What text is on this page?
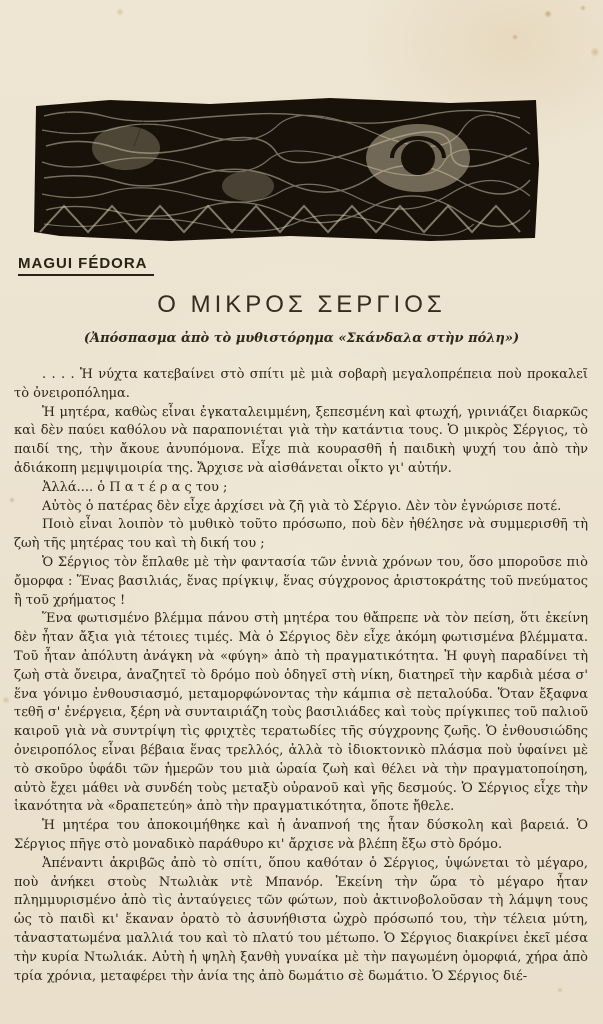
MAGUI FÉDORA
Ο ΜΙΚΡΟΣ ΣΕΡΓΙΟΣ
(Ἀπόσπασμα ἀπὸ τὸ μυθιστόρημα «Σκάνδαλα στὴν πόλη»)

. . . . Ἡ νύχτα κατεβαίνει στὸ σπίτι μὲ μιὰ σοβαρὴ μεγαλοπρέπεια ποὺ προκαλεῖ τὸ ὀνειροπόλημα.

Ἡ μητέρα, καθὼς εἶναι ἐγκαταλειμμένη, ξεπεσμένη καὶ φτωχή, γρινιάζει διαρκῶς καὶ δὲν παύει καθόλου νὰ παραπονιέται γιὰ τὴν κατάντια τους. Ὁ μικρὸς Σέργιος, τὸ παιδί της, τὴν ἄκουε ἀνυπόμονα. Εἶχε πιὰ κουρασθῆ ἡ παιδικὴ ψυχή του ἀπὸ τὴν ἀδιάκοπη μεμψιμοιρία της. Ἄρχισε νὰ αἰσθάνεται οἶκτο γι' αὐτήν.

Ἀλλά.... ὁ Π α τ έ ρ α ς του ;

Αὐτὸς ὁ πατέρας δὲν εἶχε ἀρχίσει νὰ ζῆ γιὰ τὸ Σέργιο. Δὲν τὸν ἐγνώρισε ποτέ.

Ποιὸ εἶναι λοιπὸν τὸ μυθικὸ τοῦτο πρόσωπο, ποὺ δὲν ἠθέλησε νὰ συμμερισθῆ τὴ ζωὴ τῆς μητέρας του καὶ τὴ δική του ;

Ὁ Σέργιος τὸν ἔπλαθε μὲ τὴν φαντασία τῶν ἐννιὰ χρόνων του, ὅσο μποροῦσε πιὸ ὄμορφα : Ἕνας βασιλιάς, ἕνας πρίγκιψ, ἕνας σύγχρονος ἀριστοκράτης τοῦ πνεύματος ἢ τοῦ χρήματος !

Ἕνα φωτισμένο βλέμμα πάνου στὴ μητέρα του θἄπρεπε νὰ τὸν πείση, ὅτι ἐκείνη δὲν ἦταν ἄξια γιὰ τέτοιες τιμές. Μὰ ὁ Σέργιος δὲν εἶχε ἀκόμη φωτισμένα βλέμματα. Τοῦ ἦταν ἀπόλυτη ἀνάγκη νὰ «φύγη» ἀπὸ τὴ πραγματικότητα. Ἡ φυγὴ παραδίνει τὴ ζωὴ στὰ ὄνειρα, ἀναζητεῖ τὸ δρόμο ποὺ ὁδηγεῖ στὴ νίκη, διατηρεῖ τὴν καρδιὰ μέσα σ' ἕνα γόνιμο ἐνθουσιασμό, μεταμορφώνοντας τὴν κάμπια σὲ πεταλούδα. Ὅταν ἔξαφνα τεθῆ σ' ἐνέργεια, ξέρη νὰ συνταιριάζη τοὺς βασιλιάδες καὶ τοὺς πρίγκιπες τοῦ παλιοῦ καιροῦ γιὰ νὰ συντρίψη τὶς φριχτὲς τερατωδίες τῆς σύγχρονης ζωῆς. Ὁ ἐνθουσιώδης ὀνειροπόλος εἶναι βέβαια ἕνας τρελλός, ἀλλὰ τὸ ἰδιοκτονικὸ πλάσμα ποὺ ὑφαίνει μὲ τὸ σκοῦρο ὑφάδι τῶν ἡμερῶν του μιὰ ὡραία ζωὴ καὶ θέλει νὰ τὴν πραγματοποίηση, αὐτὸ ἔχει μάθει νὰ συνδέη τοὺς μεταξὺ οὐρανοῦ καὶ γῆς δεσμούς. Ὁ Σέργιος εἶχε τὴν ἱκανότητα νὰ «δραπετεύη» ἀπὸ τὴν πραγματικότητα, ὅποτε ἤθελε.

Ἡ μητέρα του ἀποκοιμήθηκε καὶ ἡ ἀναπνοή της ἦταν δύσκολη καὶ βαρειά. Ὁ Σέργιος πῆγε στὸ μοναδικὸ παράθυρο κι' ἄρχισε νὰ βλέπη ἔξω στὸ δρόμο.

Ἀπέναντι ἀκριβῶς ἀπὸ τὸ σπίτι, ὅπου καθόταν ὁ Σέργιος, ὑψώνεται τὸ μέγαρο, ποὺ ἀνήκει στοὺς Ντωλιὰκ ντὲ Μπανόρ. Ἐκείνη τὴν ὥρα τὸ μέγαρο ἦταν πλημμυρισμένο ἀπὸ τὶς ἀνταύγειες τῶν φώτων, ποὺ ἀκτινοβολοῦσαν τὴ λάμψη τους ὡς τὸ παιδὶ κι' ἔκαναν ὁρατὸ τὸ ἀσυνήθιστα ὠχρὸ πρόσωπό του, τὴν τέλεια μύτη, τἀναστατωμένα μαλλιά του καὶ τὸ πλατύ του μέτωπο. Ὁ Σέργιος διακρίνει ἐκεῖ μέσα τὴν κυρία Ντωλιάκ. Αὐτὴ ἡ ψηλὴ ξανθὴ γυναίκα μὲ τὴν παγωμένη ὁμορφιά, χήρα ἀπὸ τρία χρόνια, μεταφέρει τὴν ἀνία της ἀπὸ δωμάτιο σὲ δωμάτιο. Ὁ Σέργιος διέ-
